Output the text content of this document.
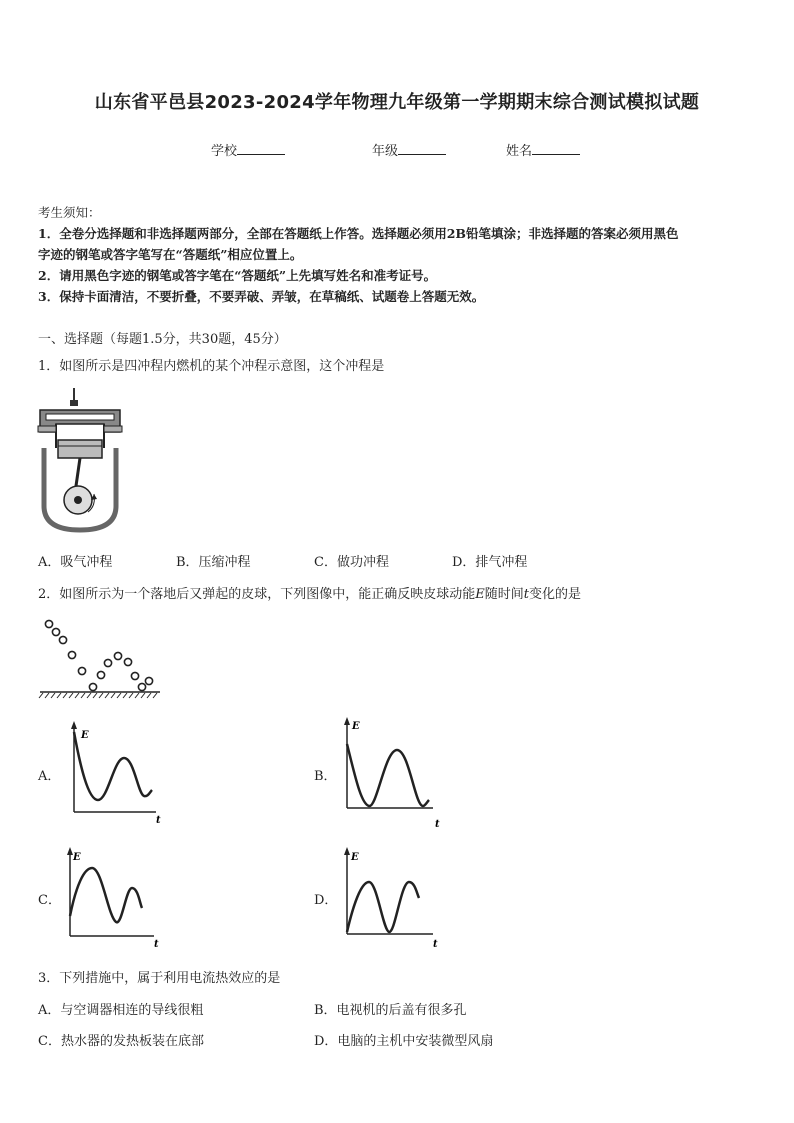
山东省平邑县2023-2024学年物理九年级第一学期期末综合测试模拟试题
学校	年级	姓名
考生须知：
1．全卷分选择题和非选择题两部分，全部在答题纸上作答。选择题必须用2B铅笔填涂；非选择题的答案必须用黑色
字迹的钢笔或答字笔写在“答题纸”相应位置上。
2．请用黑色字迹的钢笔或答字笔在“答题纸”上先填写姓名和准考证号。
3．保持卡面清洁，不要折叠，不要弄破、弄皱，在草稿纸、试题卷上答题无效。
一、选择题（每题1.5分，共30题，45分）
1．如图所示是四冲程内燃机的某个冲程示意图，这个冲程是
A．吸气冲程	B．压缩冲程	C．做功冲程	D．排气冲程
2．如图所示为一个落地后又弹起的皮球，下列图像中，能正确反映皮球动能E随时间t变化的是
A．
E
t
B．
E
t
C．
E
t
D．
E
t
3．下列措施中，属于利用电流热效应的是
A．与空调器相连的导线很粗	B．电视机的后盖有很多孔
C．热水器的发热板装在底部	D．电脑的主机中安装微型风扇
